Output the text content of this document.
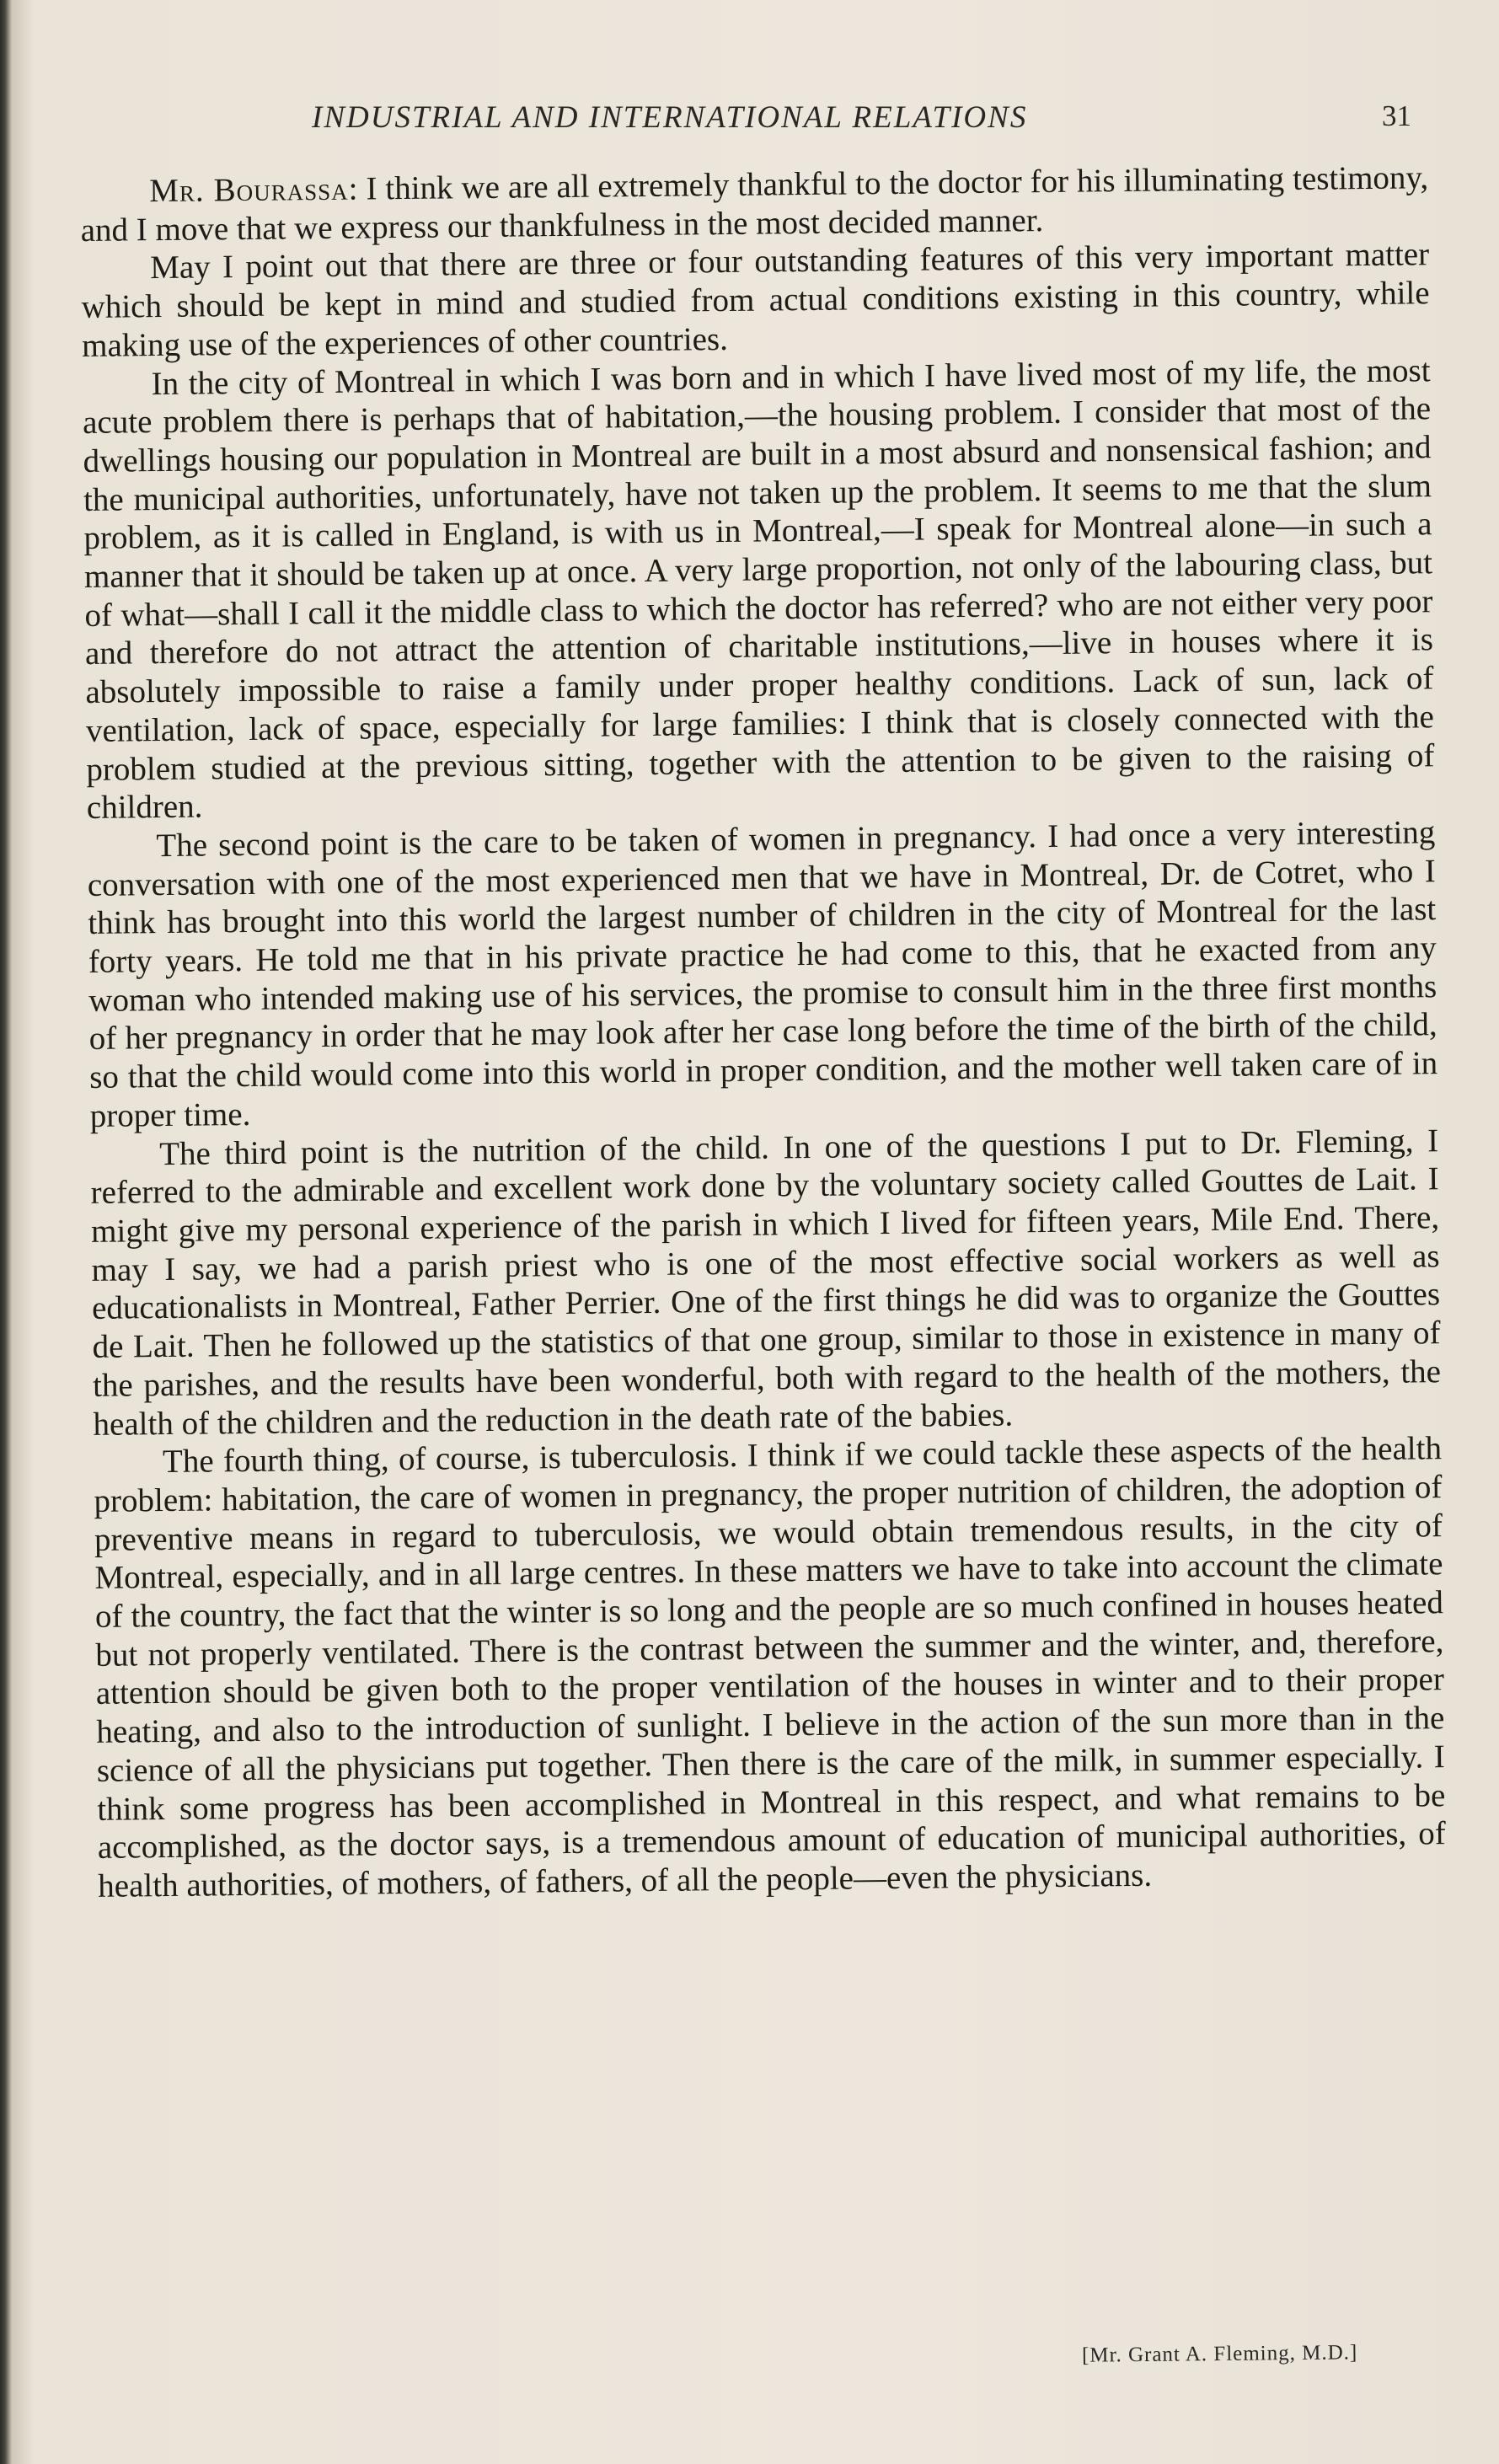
INDUSTRIAL AND INTERNATIONAL RELATIONS	31

Mr. Bourassa: I think we are all extremely thankful to the doctor for his illuminating testimony, and I move that we express our thankfulness in the most decided manner.

May I point out that there are three or four outstanding features of this very important matter which should be kept in mind and studied from actual conditions existing in this country, while making use of the experiences of other countries.

In the city of Montreal in which I was born and in which I have lived most of my life, the most acute problem there is perhaps that of habitation,—the housing problem. I consider that most of the dwellings housing our population in Montreal are built in a most absurd and nonsensical fashion; and the municipal authorities, unfortunately, have not taken up the problem. It seems to me that the slum problem, as it is called in England, is with us in Montreal,—I speak for Montreal alone—in such a manner that it should be taken up at once. A very large proportion, not only of the labouring class, but of what—shall I call it the middle class to which the doctor has referred? who are not either very poor and therefore do not attract the attention of charitable institutions,—live in houses where it is absolutely impossible to raise a family under proper healthy conditions. Lack of sun, lack of ventilation, lack of space, especially for large families: I think that is closely connected with the problem studied at the previous sitting, together with the attention to be given to the raising of children.

The second point is the care to be taken of women in pregnancy. I had once a very interesting conversation with one of the most experienced men that we have in Montreal, Dr. de Cotret, who I think has brought into this world the largest number of children in the city of Montreal for the last forty years. He told me that in his private practice he had come to this, that he exacted from any woman who intended making use of his services, the promise to consult him in the three first months of her pregnancy in order that he may look after her case long before the time of the birth of the child, so that the child would come into this world in proper condition, and the mother well taken care of in proper time.

The third point is the nutrition of the child. In one of the questions I put to Dr. Fleming, I referred to the admirable and excellent work done by the voluntary society called Gouttes de Lait. I might give my personal experience of the parish in which I lived for fifteen years, Mile End. There, may I say, we had a parish priest who is one of the most effective social workers as well as educationalists in Montreal, Father Perrier. One of the first things he did was to organize the Gouttes de Lait. Then he followed up the statistics of that one group, similar to those in existence in many of the parishes, and the results have been wonderful, both with regard to the health of the mothers, the health of the children and the reduction in the death rate of the babies.

The fourth thing, of course, is tuberculosis. I think if we could tackle these aspects of the health problem: habitation, the care of women in pregnancy, the proper nutrition of children, the adoption of preventive means in regard to tuberculosis, we would obtain tremendous results, in the city of Montreal, especially, and in all large centres. In these matters we have to take into account the climate of the country, the fact that the winter is so long and the people are so much confined in houses heated but not properly ventilated. There is the contrast between the summer and the winter, and, therefore, attention should be given both to the proper ventilation of the houses in winter and to their proper heating, and also to the introduction of sunlight. I believe in the action of the sun more than in the science of all the physicians put together. Then there is the care of the milk, in summer especially. I think some progress has been accomplished in Montreal in this respect, and what remains to be accomplished, as the doctor says, is a tremendous amount of education of municipal authorities, of health authorities, of mothers, of fathers, of all the people—even the physicians.

[Mr. Grant A. Fleming, M.D.]
